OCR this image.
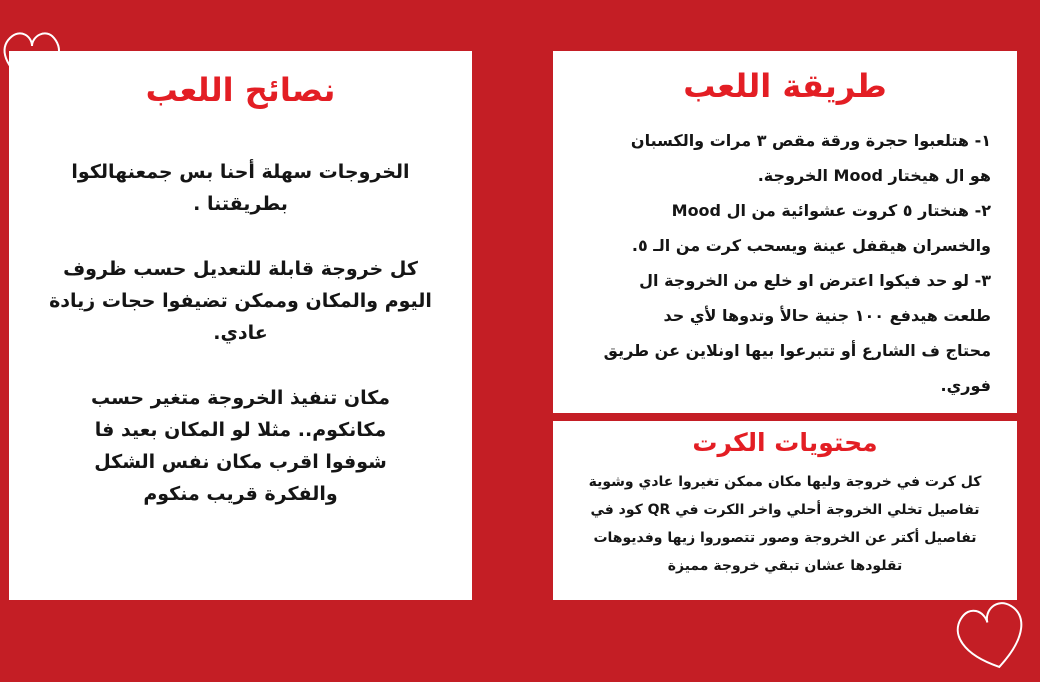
نصائح اللعب

الخروجات سهلة أحنا بس جمعنهالكوا بطريقتنا .

كل خروجة قابلة للتعديل حسب ظروف اليوم والمكان وممكن تضيفوا حجات زيادة عادي.

مكان تنفيذ الخروجة متغير حسب مكانكوم.. مثلا لو المكان بعيد فا شوفوا اقرب مكان نفس الشكل والفكرة قريب منكوم

طريقة اللعب
١- هتلعبوا حجرة ورقة مقص ٣ مرات والكسبان
هو ال هيختار Mood الخروجة.
٢- هنختار ٥ كروت عشوائية من ال Mood
والخسران هيقفل عينة ويسحب كرت من الـ ٥.
٣- لو حد فيكوا اعترض او خلع من الخروجة ال
طلعت هيدفع ١٠٠ جنية حالأ وتدوها لأي حد
محتاج ف الشارع أو تتبرعوا بيها اونلاين عن طريق
فوري.
محتويات الكرت
كل كرت في خروجة وليها مكان ممكن تغيروا عادي وشوية
تفاصيل تخلي الخروجة أحلي واخر الكرت في QR كود في
تفاصيل أكتر عن الخروجة وصور تتصوروا زيها وفديوهات
تقلودها عشان تبقي خروجة مميزة
